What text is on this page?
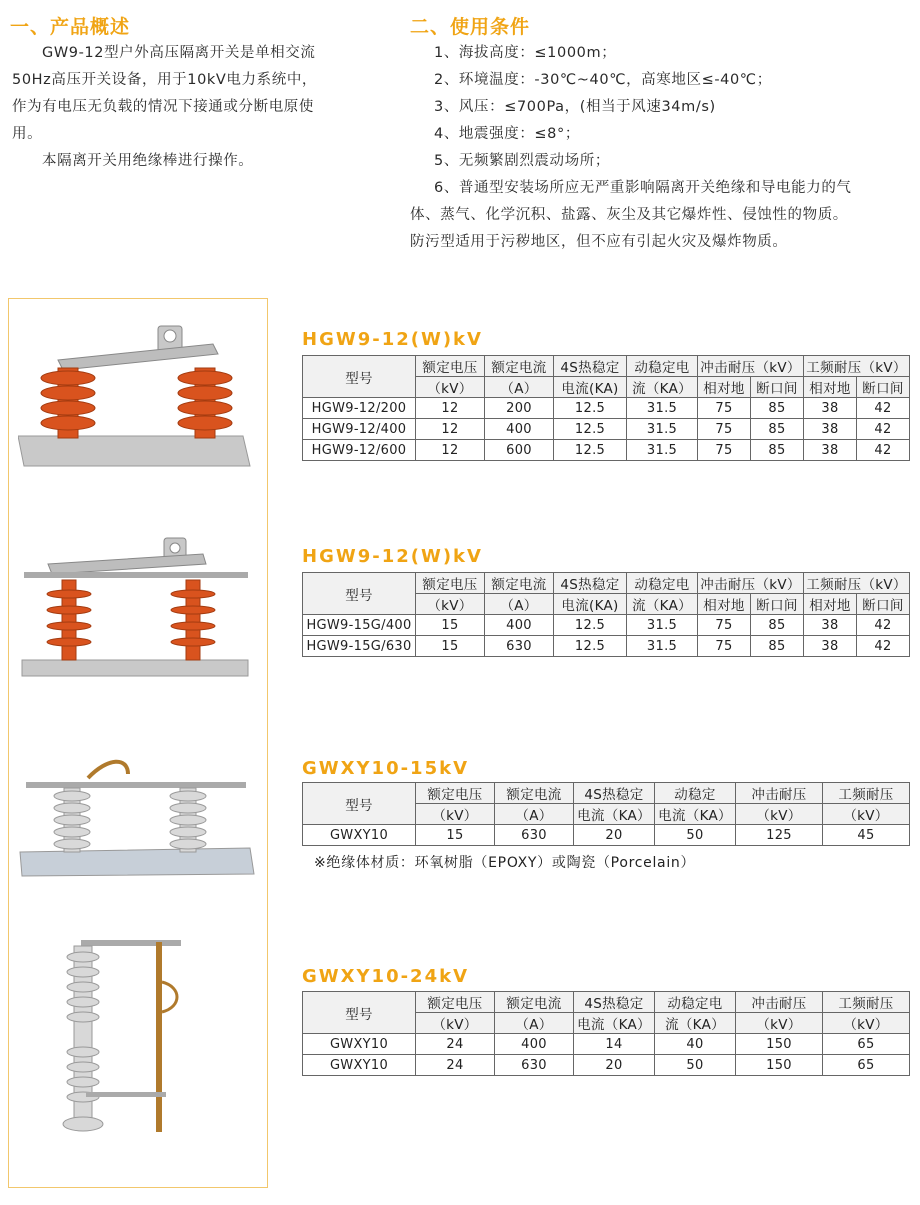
一、产品概述
GW9-12型户外高压隔离开关是单相交流
50Hz高压开关设备，用于10kV电力系统中，
作为有电压无负载的情况下接通或分断电原使
用。
本隔离开关用绝缘棒进行操作。
二、使用条件
1、海拔高度：≤1000m；
2、环境温度：-30℃~40℃，高寒地区≤-40℃；
3、风压：≤700Pa，(相当于风速34m/s)
4、地震强度：≤8°；
5、无频繁剧烈震动场所；
6、普通型安装场所应无严重影响隔离开关绝缘和导电能力的气
体、蒸气、化学沉积、盐露、灰尘及其它爆炸性、侵蚀性的物质。
防污型适用于污秽地区，但不应有引起火灾及爆炸物质。
HGW9-12(W)kV
型号	额定电压	额定电流	4S热稳定	动稳定电	冲击耐压（kV）		工频耐压（kV）	
	（kV）	（A）	电流(KA)	流（KA）	相对地	断口间	相对地	断口间
HGW9-12/200	12	200	12.5	31.5	75	85	38	42
HGW9-12/400	12	400	12.5	31.5	75	85	38	42
HGW9-12/600	12	600	12.5	31.5	75	85	38	42
HGW9-12(W)kV
型号	额定电压	额定电流	4S热稳定	动稳定电	冲击耐压（kV）		工频耐压（kV）	
	（kV）	（A）	电流(KA)	流（KA）	相对地	断口间	相对地	断口间
HGW9-15G/400	15	400	12.5	31.5	75	85	38	42
HGW9-15G/630	15	630	12.5	31.5	75	85	38	42
GWXY10-15kV
型号	额定电压	额定电流	4S热稳定	动稳定	冲击耐压	工频耐压
	（kV）	（A）	电流（KA）	电流（KA）	（kV）	（kV）
GWXY10	15	630	20	50	125	45
※绝缘体材质：环氧树脂（EPOXY）或陶瓷（Porcelain）
GWXY10-24kV
型号	额定电压	额定电流	4S热稳定	动稳定电	冲击耐压	工频耐压
	（kV）	（A）	电流（KA）	流（KA）	（kV）	（kV）
GWXY10	24	400	14	40	150	65
GWXY10	24	630	20	50	150	65
